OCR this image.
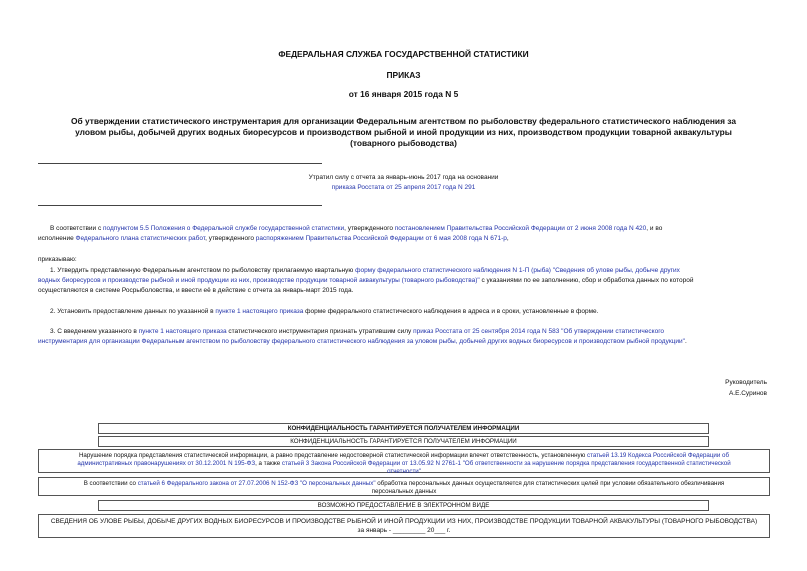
ФЕДЕРАЛЬНАЯ СЛУЖБА ГОСУДАРСТВЕННОЙ СТАТИСТИКИ
ПРИКАЗ
от 16 января 2015 года N 5
Об утверждении статистического инструментария для организации Федеральным агентством по рыболовству федерального статистического наблюдения за
уловом рыбы, добычей других водных биоресурсов и производством рыбной и иной продукции из них, производством продукции товарной аквакультуры
(товарного рыбоводства)
Утратил силу с отчета за январь-июнь 2017 года на основании
приказа Росстата от 25 апреля 2017 года N 291
В соответствии с подпунктом 5.5 Положения о Федеральной службе государственной статистики, утвержденного постановлением Правительства Российской Федерации от 2 июня 2008 года N 420, и во
исполнение Федерального плана статистических работ, утвержденного распоряжением Правительства Российской Федерации от 6 мая 2008 года N 671-р,
приказываю:
1. Утвердить представленную Федеральным агентством по рыболовству прилагаемую квартальную форму федерального статистического наблюдения N 1-П (рыба) "Сведения об улове рыбы, добыче других
водных биоресурсов и производстве рыбной и иной продукции из них, производстве продукции товарной аквакультуры (товарного рыбоводства)" с указаниями по ее заполнению, сбор и обработка данных по которой
осуществляются в системе Росрыболовства, и ввести её в действие с отчета за январь-март 2015 года.
2. Установить предоставление данных по указанной в пункте 1 настоящего приказа форме федерального статистического наблюдения в адреса и в сроки, установленные в форме.
3. С введением указанного в пункте 1 настоящего приказа статистического инструментария признать утратившим силу приказ Росстата от 25 сентября 2014 года N 583 "Об утверждении статистического
инструментария для организации Федеральным агентством по рыболовству федерального статистического наблюдения за уловом рыбы, добычей других водных биоресурсов и производством рыбной продукции".
Руководитель
А.Е.Суринов
КОНФИДЕНЦИАЛЬНОСТЬ ГАРАНТИРУЕТСЯ ПОЛУЧАТЕЛЕМ ИНФОРМАЦИИ
КОНФИДЕНЦИАЛЬНОСТЬ ГАРАНТИРУЕТСЯ ПОЛУЧАТЕЛЕМ ИНФОРМАЦИИ
Нарушение порядка представления статистической информации, а равно представление недостоверной статистической информации влечет ответственность, установленную статьей 13.19 Кодекса Российской Федерации об
административных правонарушениях от 30.12.2001 N 195-ФЗ, а также статьей 3 Закона Российской Федерации от 13.05.92 N 2761-1 "Об ответственности за нарушение порядка представления государственной статистической
отчетности"
В соответствии со статьей 6 Федерального закона от 27.07.2006 N 152-ФЗ "О персональных данных" обработка персональных данных осуществляется для статистических целей при условии обязательного обезличивания
персональных данных
ВОЗМОЖНО ПРЕДОСТАВЛЕНИЕ В ЭЛЕКТРОННОМ ВИДЕ
СВЕДЕНИЯ ОБ УЛОВЕ РЫБЫ, ДОБЫЧЕ ДРУГИХ ВОДНЫХ БИОРЕСУРСОВ И ПРОИЗВОДСТВЕ РЫБНОЙ И ИНОЙ ПРОДУКЦИИ ИЗ НИХ, ПРОИЗВОДСТВЕ ПРОДУКЦИИ ТОВАРНОЙ АКВАКУЛЬТУРЫ (ТОВАРНОГО РЫБОВОДСТВА)
за январь - _________ 20___ г.
